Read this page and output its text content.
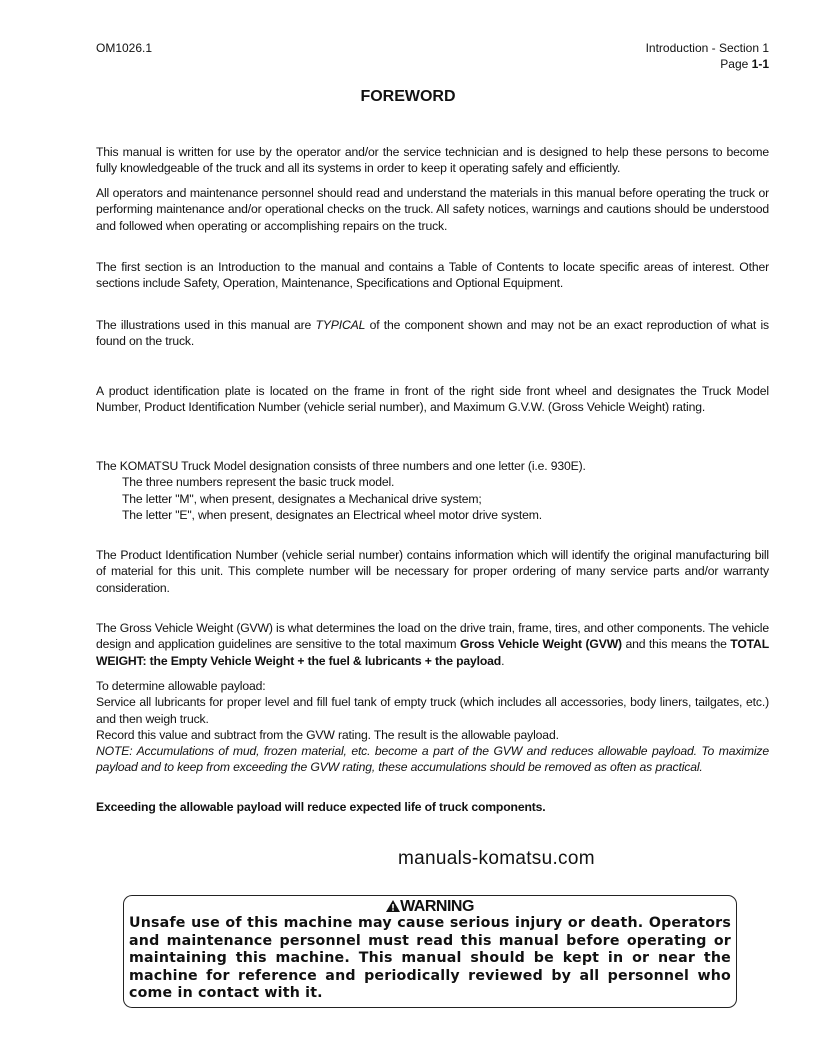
OM1026.1	Introduction - Section 1
Page 1-1
FOREWORD
This manual is written for use by the operator and/or the service technician and is designed to help these persons to become fully knowledgeable of the truck and all its systems in order to keep it operating safely and efficiently.
All operators and maintenance personnel should read and understand the materials in this manual before operating the truck or performing maintenance and/or operational checks on the truck. All safety notices, warnings and cautions should be understood and followed when operating or accomplishing repairs on the truck.
The first section is an Introduction to the manual and contains a Table of Contents to locate specific areas of interest. Other sections include Safety, Operation, Maintenance, Specifications and Optional Equipment.
The illustrations used in this manual are TYPICAL of the component shown and may not be an exact reproduction of what is found on the truck.
A product identification plate is located on the frame in front of the right side front wheel and designates the Truck Model Number, Product Identification Number (vehicle serial number), and Maximum G.V.W. (Gross Vehicle Weight) rating.
The KOMATSU Truck Model designation consists of three numbers and one letter (i.e. 930E).
The three numbers represent the basic truck model.
The letter "M", when present, designates a Mechanical drive system;
The letter "E", when present, designates an Electrical wheel motor drive system.
The Product Identification Number (vehicle serial number) contains information which will identify the original manufacturing bill of material for this unit. This complete number will be necessary for proper ordering of many service parts and/or warranty consideration.
The Gross Vehicle Weight (GVW) is what determines the load on the drive train, frame, tires, and other components. The vehicle design and application guidelines are sensitive to the total maximum Gross Vehicle Weight (GVW) and this means the TOTAL WEIGHT: the Empty Vehicle Weight + the fuel & lubricants + the payload.
To determine allowable payload:
Service all lubricants for proper level and fill fuel tank of empty truck (which includes all accessories, body liners, tailgates, etc.) and then weigh truck.
Record this value and subtract from the GVW rating. The result is the allowable payload.
NOTE: Accumulations of mud, frozen material, etc. become a part of the GVW and reduces allowable payload. To maximize payload and to keep from exceeding the GVW rating, these accumulations should be removed as often as practical.
Exceeding the allowable payload will reduce expected life of truck components.
manuals-komatsu.com
WARNING
Unsafe use of this machine may cause serious injury or death. Operators and maintenance personnel must read this manual before operating or maintaining this machine. This manual should be kept in or near the machine for reference and periodically reviewed by all personnel who come in contact with it.
